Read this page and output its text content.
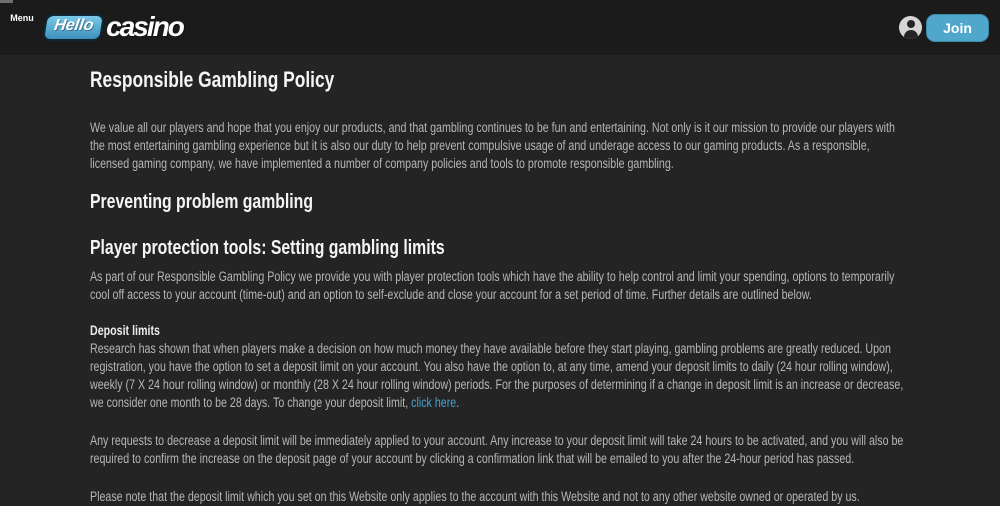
Menu	Hello casino	Join
Responsible Gambling Policy

We value all our players and hope that you enjoy our products, and that gambling continues to be fun and entertaining. Not only is it our mission to provide our players with the most entertaining gambling experience but it is also our duty to help prevent compulsive usage of and underage access to our gaming products. As a responsible, licensed gaming company, we have implemented a number of company policies and tools to promote responsible gambling.

Preventing problem gambling
Player protection tools: Setting gambling limits

As part of our Responsible Gambling Policy we provide you with player protection tools which have the ability to help control and limit your spending, options to temporarily cool off access to your account (time-out) and an option to self-exclude and close your account for a set period of time. Further details are outlined below.

Deposit limits

Research has shown that when players make a decision on how much money they have available before they start playing, gambling problems are greatly reduced. Upon registration, you have the option to set a deposit limit on your account. You also have the option to, at any time, amend your deposit limits to daily (24 hour rolling window), weekly (7 X 24 hour rolling window) or monthly (28 X 24 hour rolling window) periods. For the purposes of determining if a change in deposit limit is an increase or decrease, we consider one month to be 28 days. To change your deposit limit, click here.

Any requests to decrease a deposit limit will be immediately applied to your account. Any increase to your deposit limit will take 24 hours to be activated, and you will also be required to confirm the increase on the deposit page of your account by clicking a confirmation link that will be emailed to you after the 24-hour period has passed.

Please note that the deposit limit which you set on this Website only applies to the account with this Website and not to any other website owned or operated by us.
